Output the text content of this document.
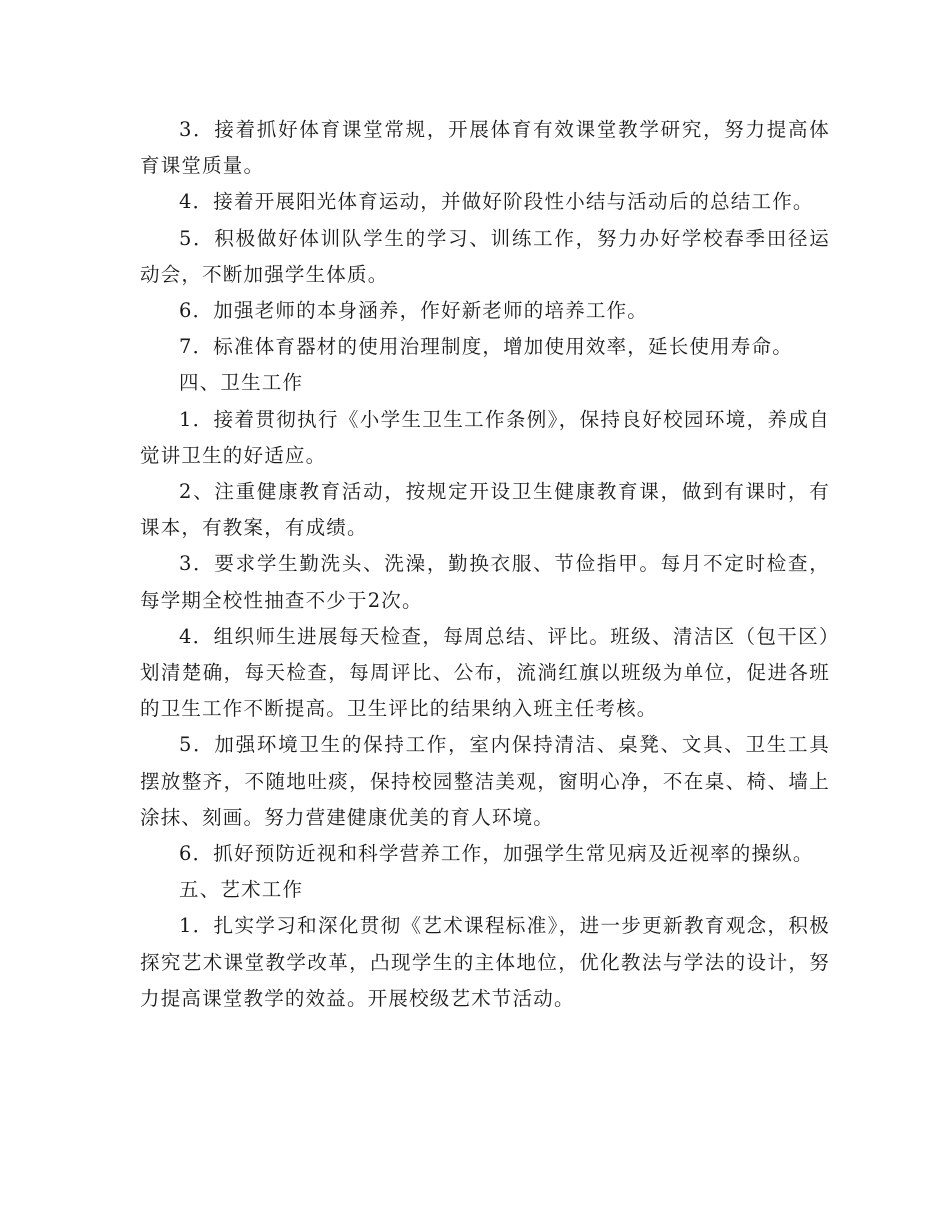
3．接着抓好体育课堂常规，开展体育有效课堂教学研究，努力提高体育课堂质量。

4．接着开展阳光体育运动，并做好阶段性小结与活动后的总结工作。

5．积极做好体训队学生的学习、训练工作，努力办好学校春季田径运动会，不断加强学生体质。

6．加强老师的本身涵养，作好新老师的培养工作。

7．标准体育器材的使用治理制度，增加使用效率，延长使用寿命。

四、卫生工作

1．接着贯彻执行《小学生卫生工作条例》，保持良好校园环境，养成自觉讲卫生的好适应。

2、注重健康教育活动，按规定开设卫生健康教育课，做到有课时，有课本，有教案，有成绩。

3．要求学生勤洗头、洗澡，勤换衣服、节俭指甲。每月不定时检查，每学期全校性抽查不少于2次。

4．组织师生进展每天检查，每周总结、评比。班级、清洁区（包干区）划清楚确，每天检查，每周评比、公布，流淌红旗以班级为单位，促进各班的卫生工作不断提高。卫生评比的结果纳入班主任考核。

5．加强环境卫生的保持工作，室内保持清洁、桌凳、文具、卫生工具摆放整齐，不随地吐痰，保持校园整洁美观，窗明心净，不在桌、椅、墙上涂抹、刻画。努力营建健康优美的育人环境。

6．抓好预防近视和科学营养工作，加强学生常见病及近视率的操纵。

五、艺术工作

1．扎实学习和深化贯彻《艺术课程标准》，进一步更新教育观念，积极探究艺术课堂教学改革，凸现学生的主体地位，优化教法与学法的设计，努力提高课堂教学的效益。开展校级艺术节活动。
